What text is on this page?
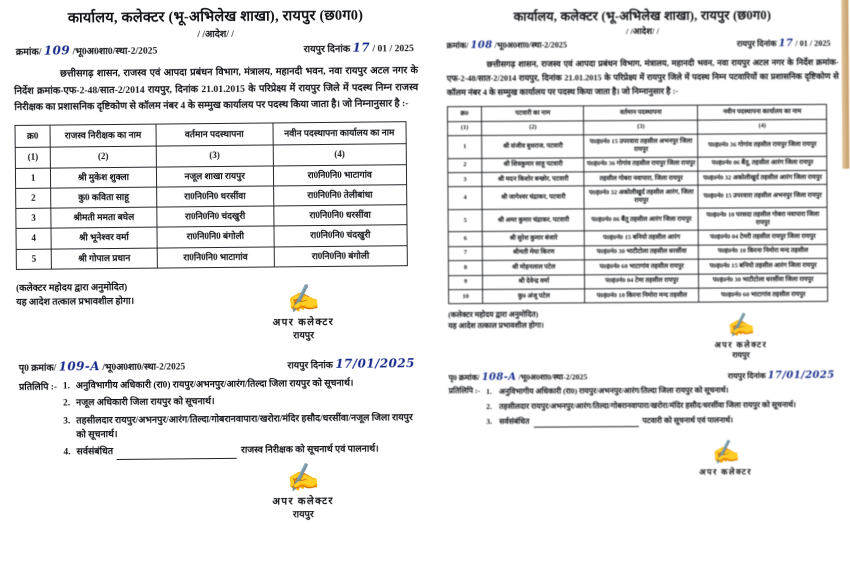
कार्यालय, कलेक्टर (भू-अभिलेख शाखा), रायपुर (छ0ग0)
/ /आदेश/ /
क्रमांक/ 109 /भू0अ0शा0/स्था-2/2025	रायपुर दिनांक 17 / 01 / 2025

छत्तीसगढ़ शासन, राजस्व एवं आपदा प्रबंधन विभाग, मंत्रालय, महानदी भवन, नवा रायपुर अटल नगर के निर्देश क्रमांक-एफ-2-48/सात-2/2014 रायपुर, दिनांक 21.01.2015 के परिप्रेक्ष्य में रायपुर जिले में पदस्थ निम्न राजस्व निरीक्षक का प्रशासनिक दृष्टिकोण से कॉलम नंबर 4 के सम्मुख कार्यालय पर पदस्थ किया जाता है। जो निम्नानुसार है :-

क्र0	राजस्व निरीक्षक का नाम	वर्तमान पदस्थापना	नवीन पदस्थापना कार्यालय का नाम
(1)	(2)	(3)	(4)
1	श्री मुकेश शुक्ला	नजूल शाखा रायपुर	रा0नि0नि0 भाटागांव
2	कु0 कविता साहू	रा0नि0नि0 धरसींवा	रा0नि0नि0 तेलीबांधा
3	श्रीमती ममता बघेल	रा0नि0नि0 चंदखुरी	रा0नि0नि0 धरसींवा
4	श्री भूनेश्वर वर्मा	रा0नि0नि0 बंगोली	रा0नि0नि0 चंदखुरी
5	श्री गोपाल प्रधान	रा0नि0नि0 भाटागांव	रा0नि0नि0 बंगोली
(कलेक्टर महोदय द्वारा अनुमोदित)
यह आदेश तत्काल प्रभावशील होगा।	✍
अपर कलेक्टर
रायपुर
पृ0 क्रमांक/ 109-A /भू0अ0शा0/स्था-2/2025	रायपुर दिनांक 17/01/2025
प्रतिलिपि :- 1. अनुविभागीय अधिकारी (रा0) रायपुर/अभनपुर/आरंग/तिल्दा जिला रायपुर को सूचनार्थ।
2. नजूल अधिकारी जिला रायपुर को सूचनार्थ।
3. तहसीलदार रायपुर/अभनपुर/आरंग/तिल्दा/गोबरानवापारा/खरोरा/मंदिर हसौद/धरसींवा/नजूल जिला रायपुर को सूचनार्थ।
4. सर्वसंबंधित	राजस्व निरीक्षक को सूचनार्थ एवं पालनार्थ।
✍
अपर कलेक्टर
रायपुर
कार्यालय, कलेक्टर (भू-अभिलेख शाखा), रायपुर (छ0ग0)
/ /आदेश/ /
क्रमांक/ 108 /भू0अ0शा0/स्था-2/2025	रायपुर दिनांक 17 / 01 / 2025

छत्तीसगढ़ शासन, राजस्व एवं आपदा प्रबंधन विभाग, मंत्रालय, महानदी भवन, नवा रायपुर अटल नगर के निर्देश क्रमांक-एफ-2-48/सात-2/2014 रायपुर, दिनांक 21.01.2015 के परिप्रेक्ष्य में रायपुर जिले में पदस्थ निम्न पटवारियों का प्रशासनिक दृष्टिकोण से कॉलम नंबर 4 के सम्मुख कार्यालय पर पदस्थ किया जाता है। जो निम्नानुसार है :-

क्र0	पटवारी का नाम	वर्तमान पदस्थापना	नवीन पदस्थापना कार्यालय का नाम
(1)	(2)	(3)	(4)
1	श्री संजीव बुधराज, पटवारी	प0ह0नं0 15 उपरवारा तहसील अभनपुर जिला रायपुर	प0ह0नं0 36 गोगांव तहसील रायपुर जिला रायपुर
2	श्री शिवकुमार साहू पटवारी	प0ह0नं0 36 गोगांव तहसील रायपुर जिला रायपुर	प0ह0नं0 06 बैंतू, तहसील आरंग जिला रायपुर
3	श्री मदन किशोर बन्छोर, पटवारी	तहसील गोबरा नवापारा, जिला रायपुर	प0ह0नं0 32 अकोलीखुर्द तहसील आरंग जिला रायपुर
4	श्री जागेश्वर चंद्राकर, पटवारी	प0ह0नं0 32 अकोलीखुर्द तहसील आरंग, जिला रायपुर	प0ह0नं0 15 उपरवारा तहसील अभनपुर जिला रायपुर
5	श्री अमर कुमार चंद्राकर, पटवारी	प0ह0नं0 06 बैंतू तहसील आरंग जिला रायपुर	प0ह0नं0 10 परसदा तहसील गोबरा नवापारा जिला रायपुर
6	श्री सुरेश कुमार बंजारे	प0ह0नं0 15 बनियो तहसील आरंग	प0ह0नं0 04 टेमरी तहसील रायपुर जिला रायपुर
7	श्रीमती मेघा किरण	प0ह0नं0 30 भाटीटोला तहसील धरसींवा	प0ह0नं0 10 किरना निमोरा मन्द तहसील
8	श्री मोहनलाल पटेल	प0ह0नं0 60 भाटागांव तहसील रायपुर	प0ह0नं0 15 बनियो तहसील आरंग जिला रायपुर
9	श्री देवेन्द्र वर्मा	प0ह0नं0 04 टेमा तहसील रायपुर	प0ह0नं0 30 भाटीटोला धरसींवा जिला रायपुर
10	कु0 अंजू पटेल	प0ह0नं0 10 किरना निमोरा मन्द तहसील	प0ह0नं0 60 भाटागांव तहसील रायपुर
(कलेक्टर महोदय द्वारा अनुमोदित)
यह आदेश तत्काल प्रभावशील होगा।	✍
अपर कलेक्टर
रायपुर
पृ0 क्रमांक/ 108-A /भू0अ0शा0/स्था-2/2025	रायपुर दिनांक 17/01/2025
प्रतिलिपि :- 1. अनुविभागीय अधिकारी (रा0) रायपुर/अभनपुर/आरंग/तिल्दा जिला रायपुर को सूचनार्थ।
2. तहसीलदार रायपुर/अभनपुर/आरंग/तिल्दा/गोबरानवापारा/खरोरा/मंदिर हसौद/धरसींवा जिला रायपुर को सूचनार्थ।
3. सर्वसंबंधित	पटवारी को सूचनार्थ एवं पालनार्थ।
✍
अपर कलेक्टर
